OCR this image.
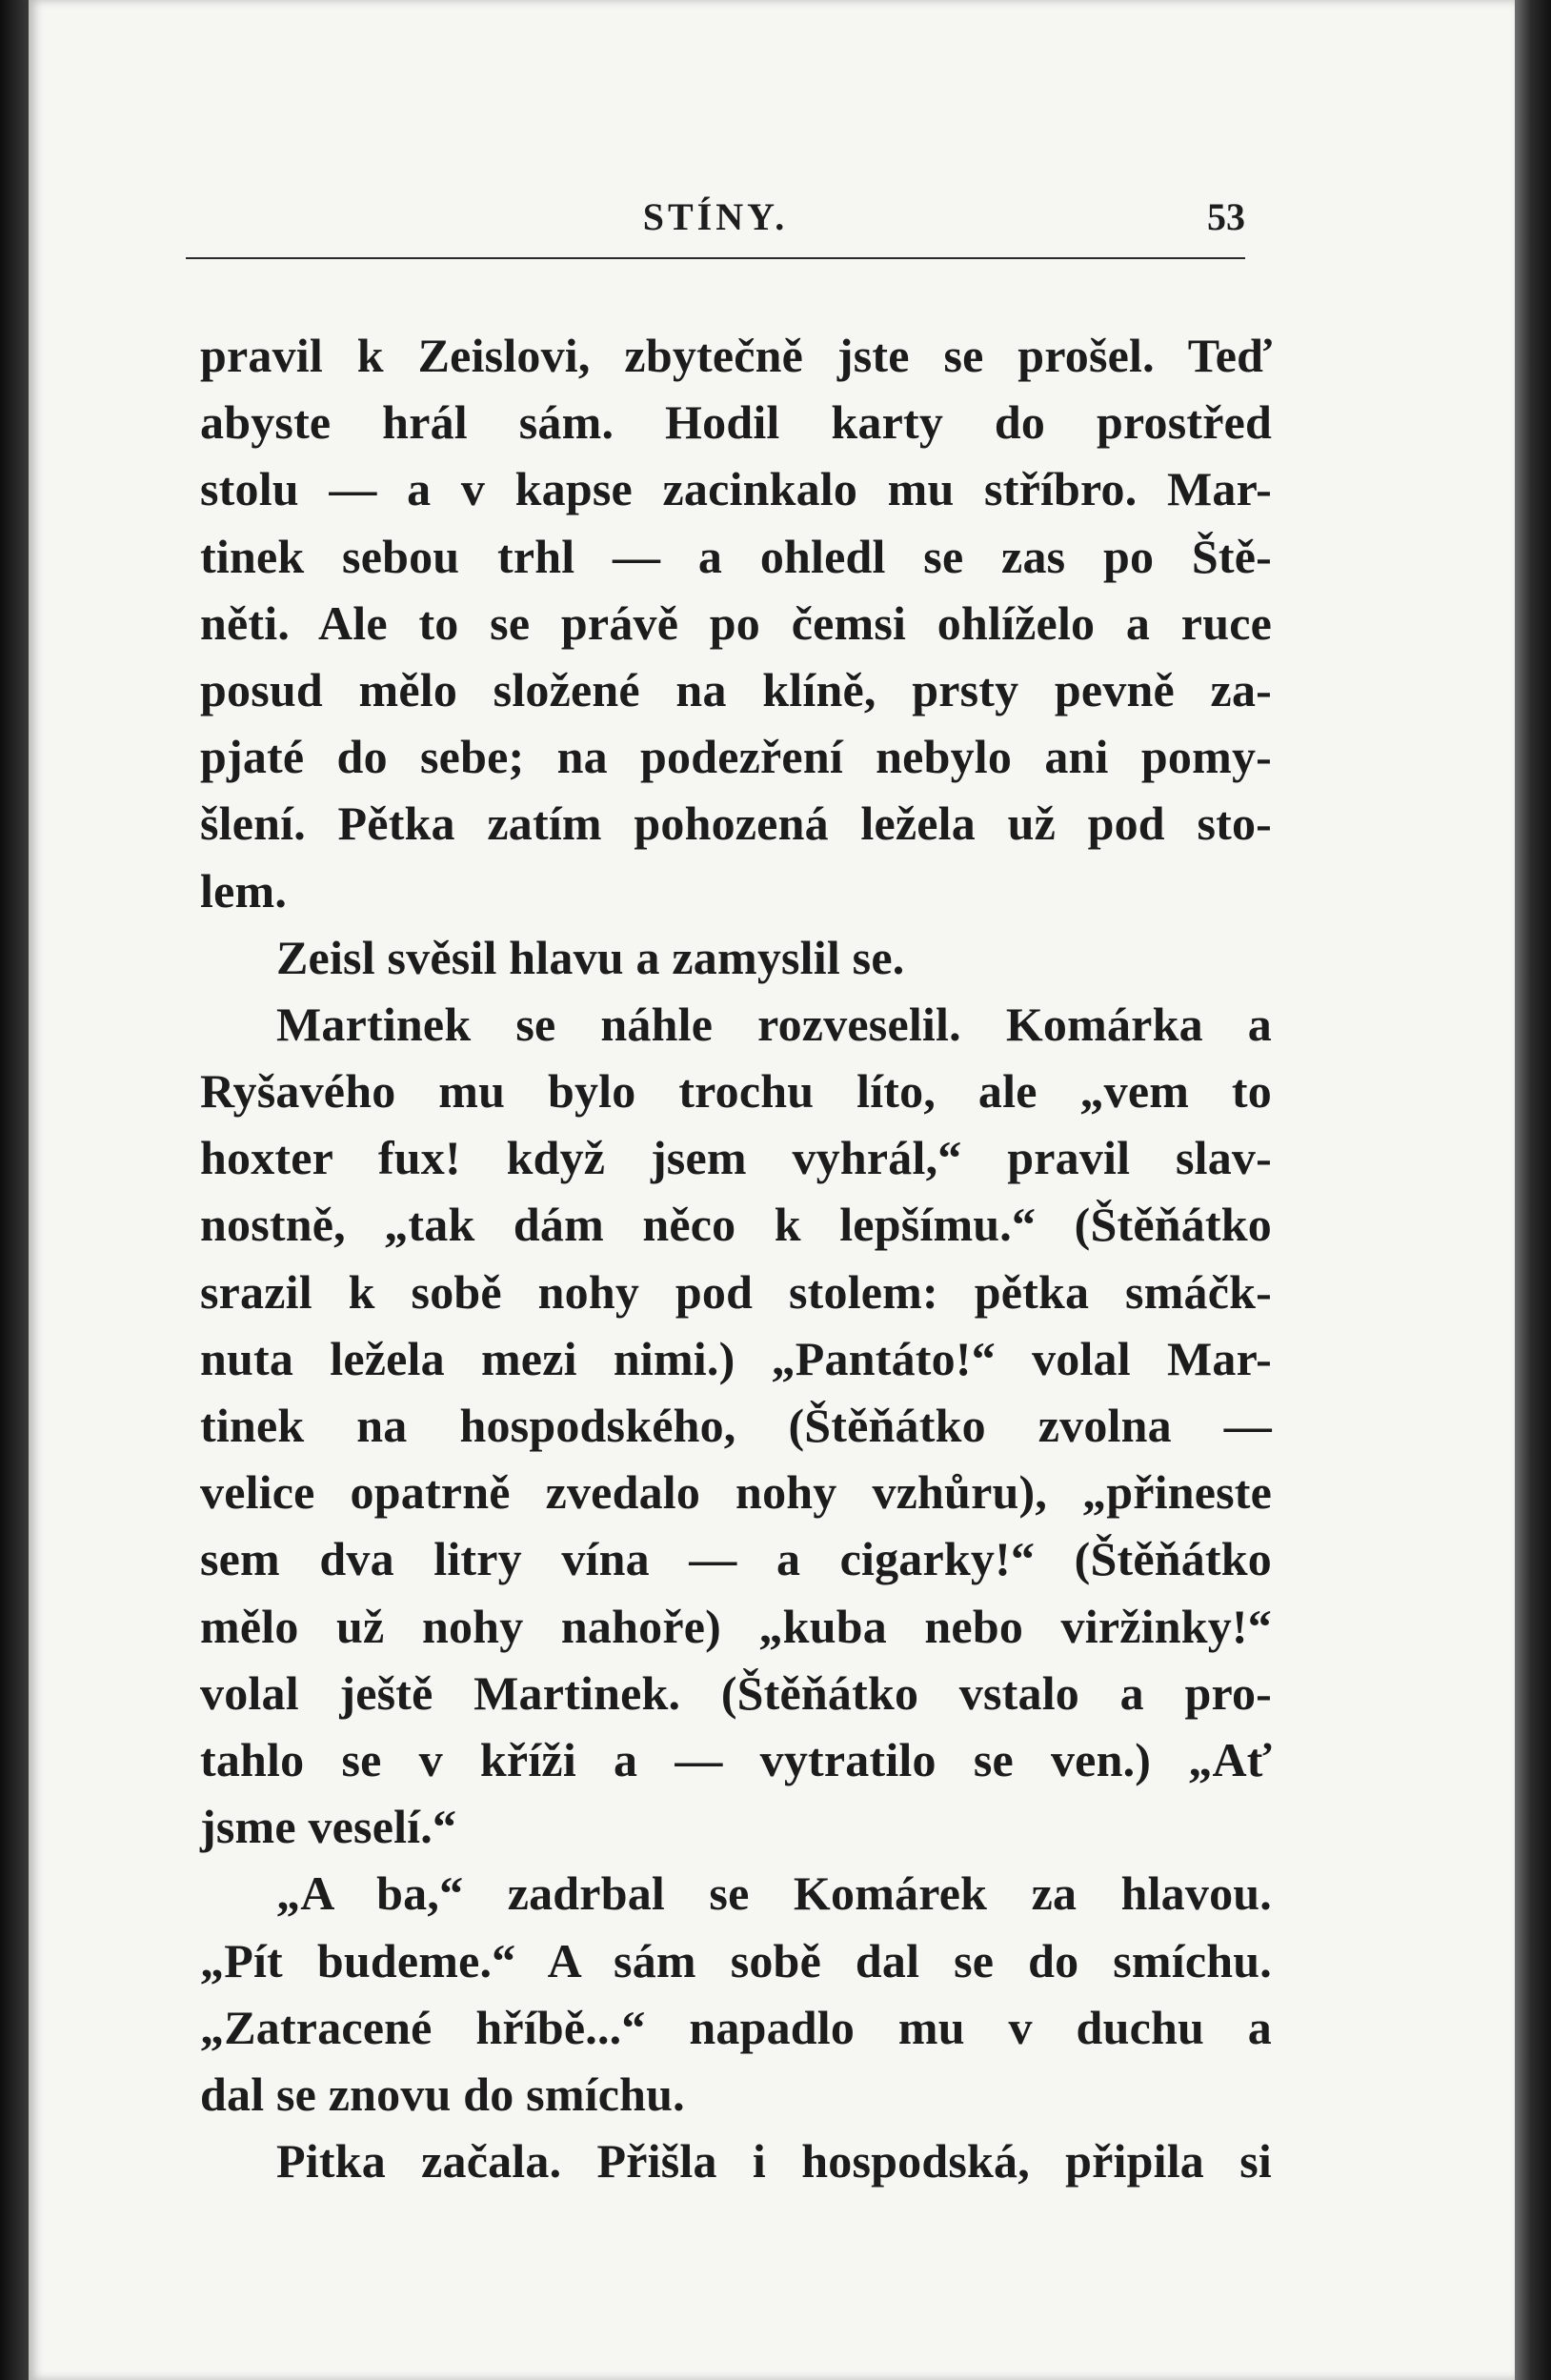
STÍNY.	53
pravil k Zeislovi, zbytečně jste se prošel. Teď
abyste hrál sám. Hodil karty do prostřed
stolu — a v kapse zacinkalo mu stříbro. Mar-
tinek sebou trhl — a ohledl se zas po Ště-
něti. Ale to se právě po čemsi ohlíželo a ruce
posud mělo složené na klíně, prsty pevně za-
pjaté do sebe; na podezření nebylo ani pomy-
šlení. Pětka zatím pohozená ležela už pod sto-
lem.
Zeisl svěsil hlavu a zamyslil se.
Martinek se náhle rozveselil. Komárka a
Ryšavého mu bylo trochu líto, ale „vem to
hoxter fux! když jsem vyhrál,“ pravil slav-
nostně, „tak dám něco k lepšímu.“ (Štěňátko
srazil k sobě nohy pod stolem: pětka smáčk-
nuta ležela mezi nimi.) „Pantáto!“ volal Mar-
tinek na hospodského, (Štěňátko zvolna —
velice opatrně zvedalo nohy vzhůru), „přineste
sem dva litry vína — a cigarky!“ (Štěňátko
mělo už nohy nahoře) „kuba nebo viržinky!“
volal ještě Martinek. (Štěňátko vstalo a pro-
tahlo se v kříži a — vytratilo se ven.) „Ať
jsme veselí.“
„A ba,“ zadrbal se Komárek za hlavou.
„Pít budeme.“ A sám sobě dal se do smíchu.
„Zatracené hříbě...“ napadlo mu v duchu a
dal se znovu do smíchu.
Pitka začala. Přišla i hospodská, připila si
